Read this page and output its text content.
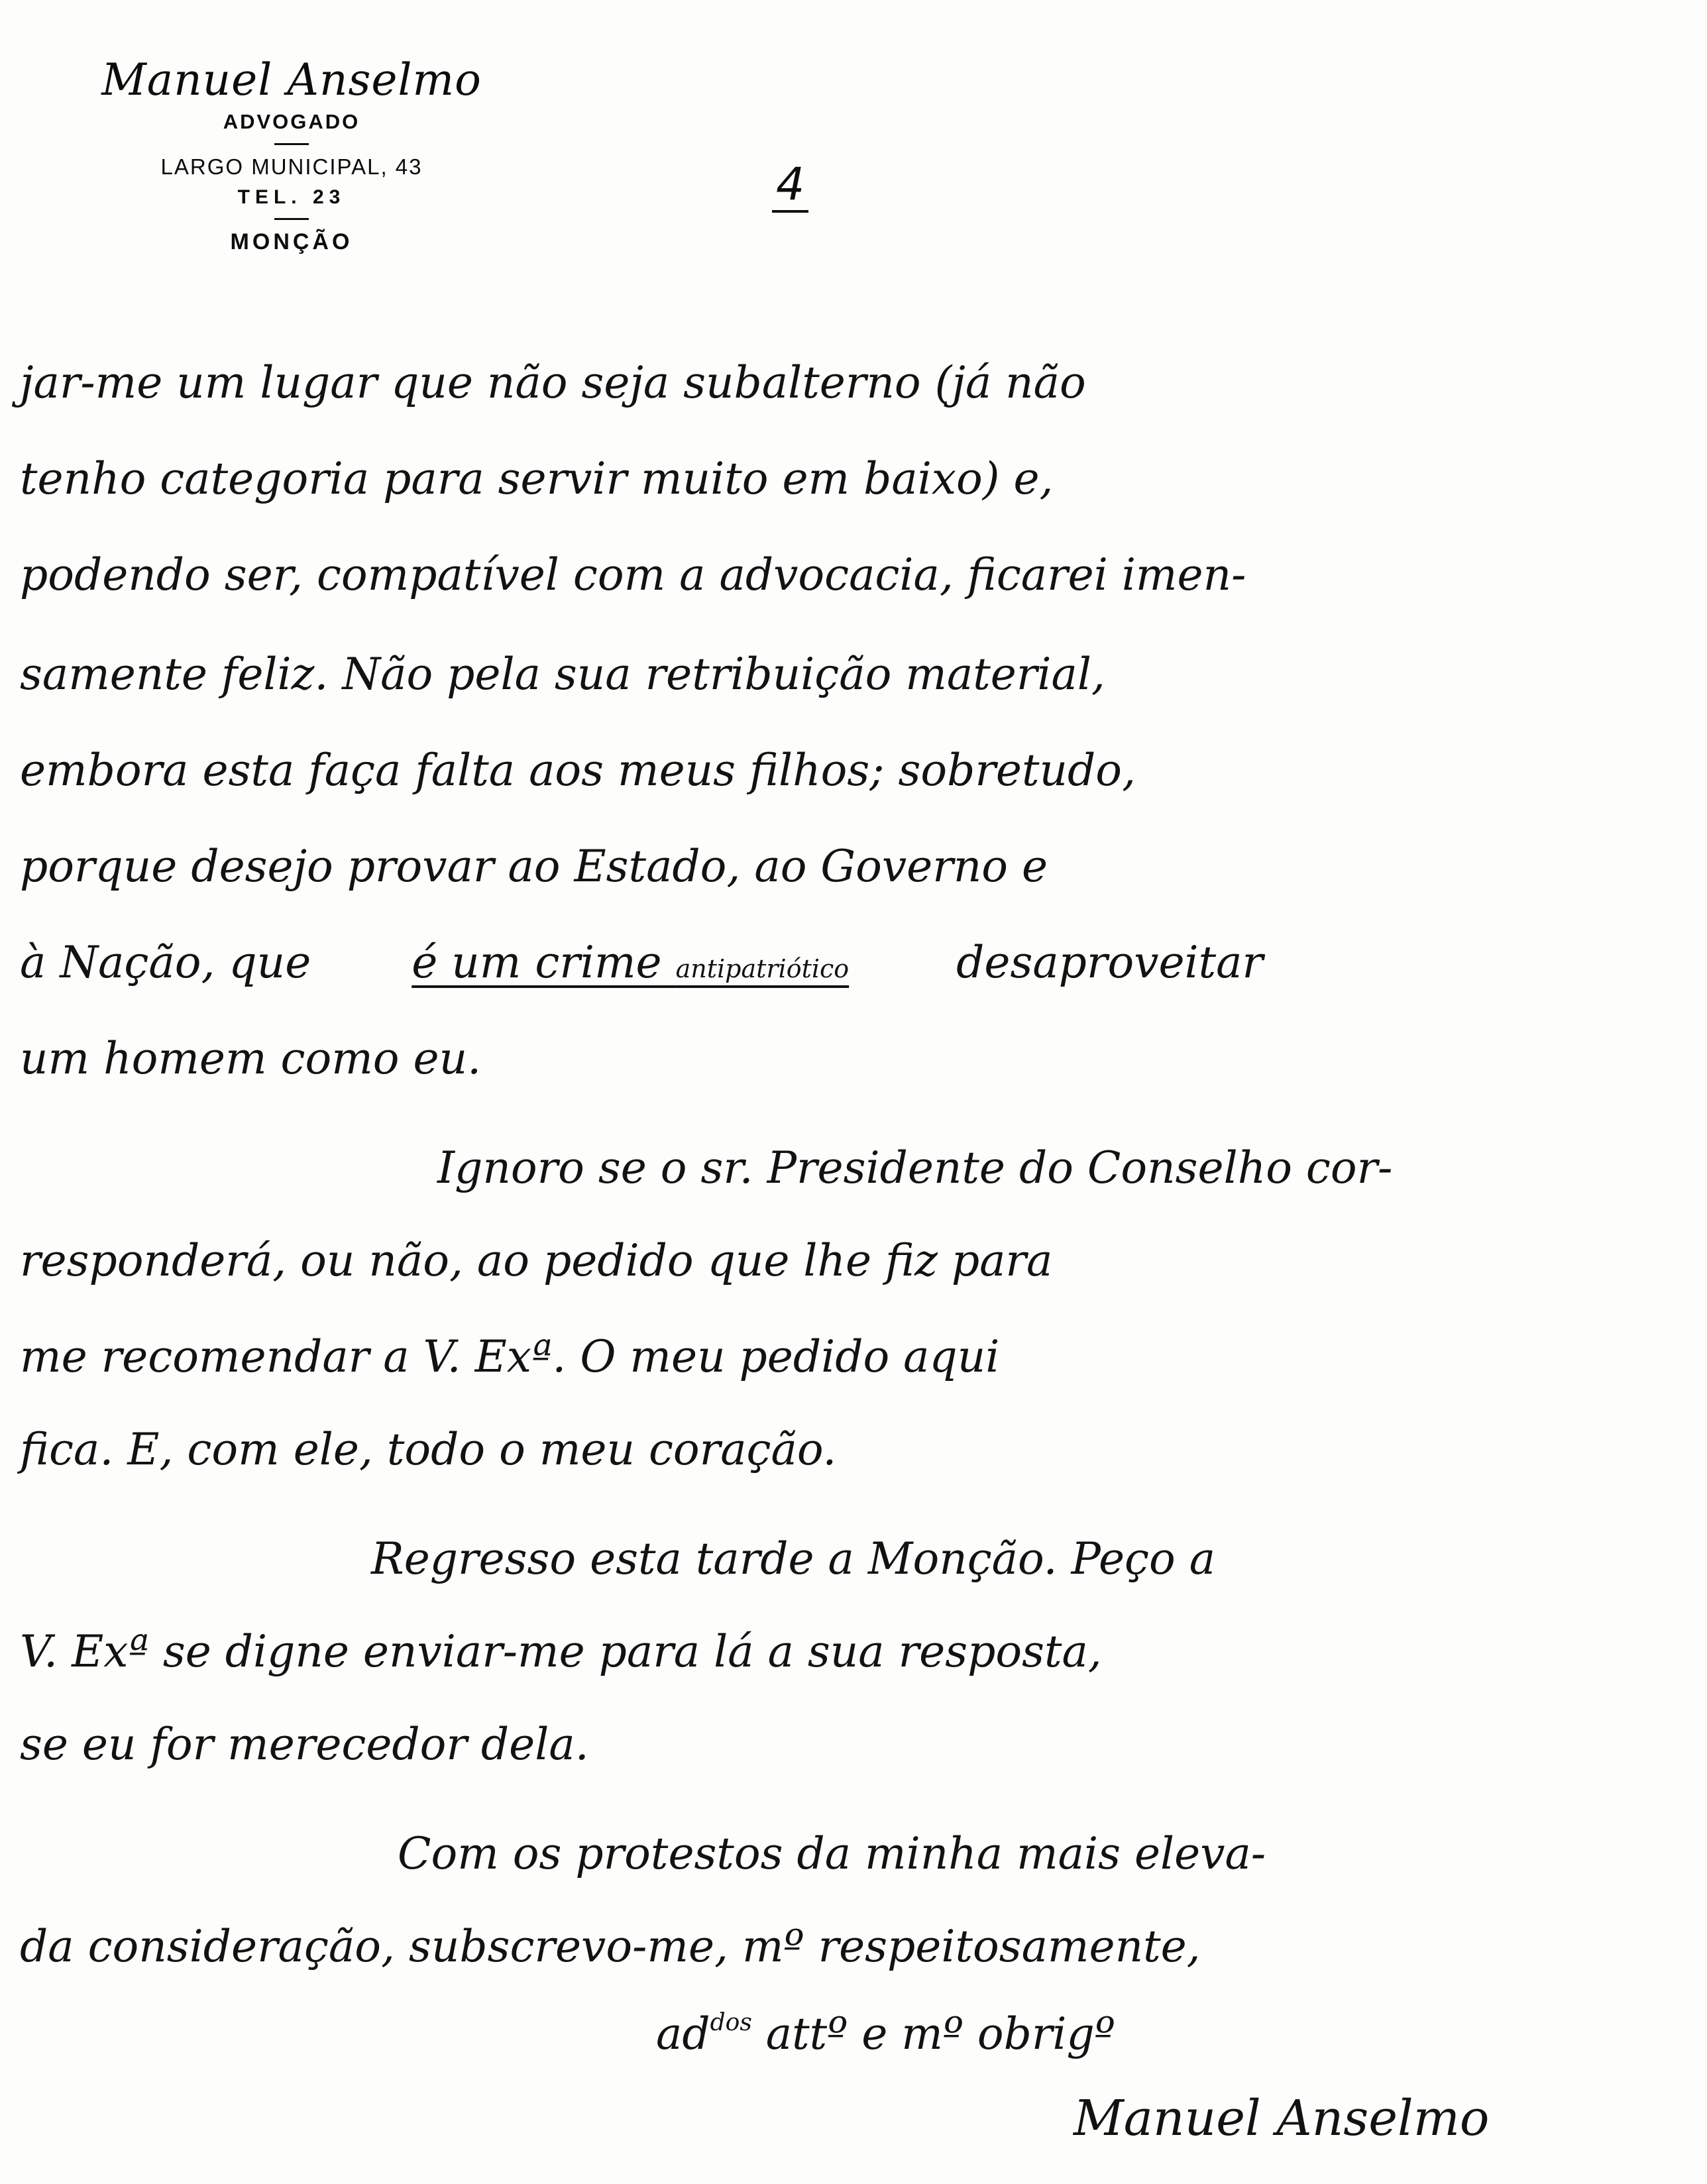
Manuel Anselmo
ADVOGADO
LARGO MUNICIPAL, 43
TEL. 23
MONÇÃO
4
jar-me um lugar que não seja subalterno (já não
tenho categoria para servir muito em baixo) e,
podendo ser, compatível com a advocacia, ficarei imen-
samente feliz. Não pela sua retribuição material,
embora esta faça falta aos meus filhos; sobretudo,
porque desejo provar ao Estado, ao Governo e
à Nação, que é um crime antipatriótico desaproveitar
um homem como eu.
Ignoro se o sr. Presidente do Conselho cor-
responderá, ou não, ao pedido que lhe fiz para
me recomendar a V. Exª. O meu pedido aqui
fica. E, com ele, todo o meu coração.
Regresso esta tarde a Monção. Peço a
V. Exª se digne enviar-me para lá a sua resposta,
se eu for merecedor dela.
Com os protestos da minha mais eleva-
da consideração, subscrevo-me, mº respeitosamente,
$ad^{dos}$ attº e mº obrigº
Manuel Anselmo
